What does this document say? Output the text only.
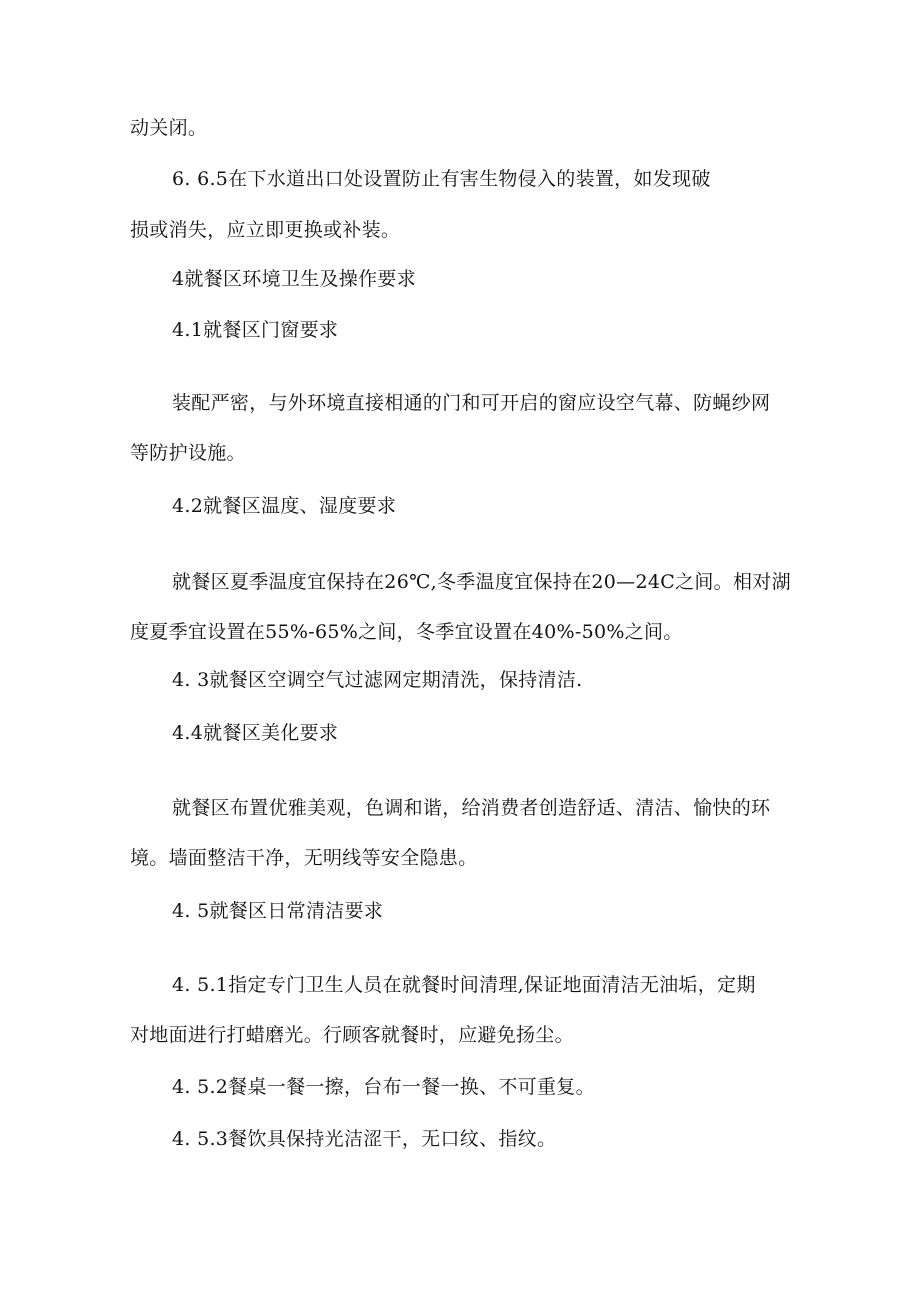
动关闭。
6. 6.5在下水道出口处设置防止有害生物侵入的装置，如发现破
损或消失，应立即更换或补装。
4就餐区环境卫生及操作要求
4.1就餐区门窗要求
装配严密，与外环境直接相通的门和可开启的窗应设空气幕、防蝇纱网
等防护设施。
4.2就餐区温度、湿度要求
就餐区夏季温度宜保持在26℃,冬季温度宜保持在20—24C之间。相对湖
度夏季宜设置在55%-65%之间，冬季宜设置在40%-50%之间。
4. 3就餐区空调空气过滤网定期清洗，保持清洁.
4.4就餐区美化要求
就餐区布置优雅美观，色调和谐，给消费者创造舒适、清洁、愉快的环
境。墙面整洁干净，无明线等安全隐患。
4. 5就餐区日常清洁要求
4. 5.1指定专门卫生人员在就餐时间清理,保证地面清洁无油垢，定期
对地面进行打蜡磨光。行顾客就餐时，应避免扬尘。
4. 5.2餐桌一餐一擦，台布一餐一换、不可重复。
4. 5.3餐饮具保持光洁涩干，无口纹、指纹。
